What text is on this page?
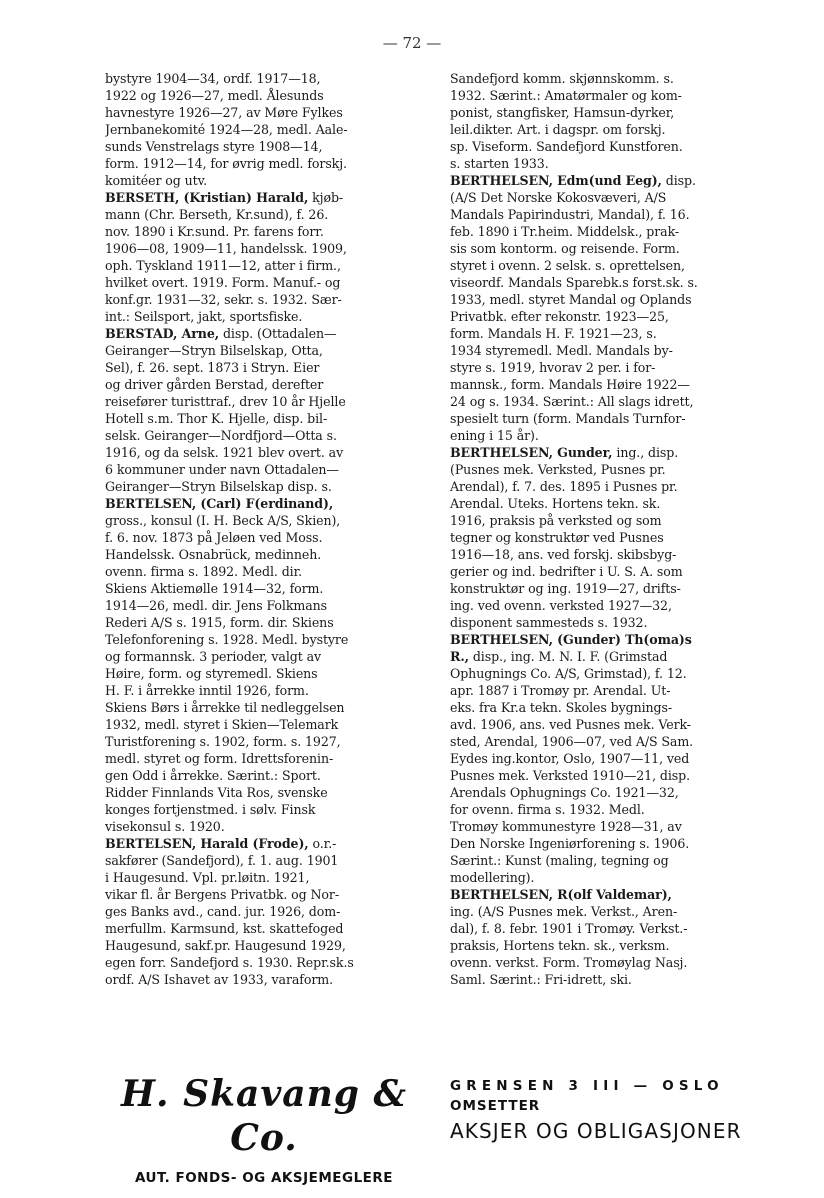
— 72 —
bystyre 1904—34, ordf. 1917—18,
1922 og 1926—27, medl. Ålesunds
havnestyre 1926—27, av Møre Fylkes
Jernbanekomité 1924—28, medl. Aale-
sunds Venstrelags styre 1908—14,
form. 1912—14, for øvrig medl. forskj.
komitéer og utv.
BERSETH, (Kristian) Harald, kjøb-
mann (Chr. Berseth, Kr.sund), f. 26.
nov. 1890 i Kr.sund. Pr. farens forr.
1906—08, 1909—11, handelssk. 1909,
oph. Tyskland 1911—12, atter i firm.,
hvilket overt. 1919. Form. Manuf.- og
konf.gr. 1931—32, sekr. s. 1932. Sær-
int.: Seilsport, jakt, sportsfiske.
BERSTAD, Arne, disp. (Ottadalen—
Geiranger—Stryn Bilselskap, Otta,
Sel), f. 26. sept. 1873 i Stryn. Eier
og driver gården Berstad, derefter
reisefører turisttraf., drev 10 år Hjelle
Hotell s.m. Thor K. Hjelle, disp. bil-
selsk. Geiranger—Nordfjord—Otta s.
1916, og da selsk. 1921 blev overt. av
6 kommuner under navn Ottadalen—
Geiranger—Stryn Bilselskap disp. s.
BERTELSEN, (Carl) F(erdinand),
gross., konsul (I. H. Beck A/S, Skien),
f. 6. nov. 1873 på Jeløen ved Moss.
Handelssk. Osnabrück, medinneh.
ovenn. firma s. 1892. Medl. dir.
Skiens Aktiemølle 1914—32, form.
1914—26, medl. dir. Jens Folkmans
Rederi A/S s. 1915, form. dir. Skiens
Telefonforening s. 1928. Medl. bystyre
og formannsk. 3 perioder, valgt av
Høire, form. og styremedl. Skiens
H. F. i årrekke inntil 1926, form.
Skiens Børs i årrekke til nedleggelsen
1932, medl. styret i Skien—Telemark
Turistforening s. 1902, form. s. 1927,
medl. styret og form. Idrettsforenin-
gen Odd i årrekke. Særint.: Sport.
Ridder Finnlands Vita Ros, svenske
konges fortjenstmed. i sølv. Finsk
visekonsul s. 1920.
BERTELSEN, Harald (Frode), o.r.-
sakfører (Sandefjord), f. 1. aug. 1901
i Haugesund. Vpl. pr.løitn. 1921,
vikar fl. år Bergens Privatbk. og Nor-
ges Banks avd., cand. jur. 1926, dom-
merfullm. Karmsund, kst. skattefoged
Haugesund, sakf.pr. Haugesund 1929,
egen forr. Sandefjord s. 1930. Repr.sk.s
ordf. A/S Ishavet av 1933, varaform.
Sandefjord komm. skjønnskomm. s.
1932. Særint.: Amatørmaler og kom-
ponist, stangfisker, Hamsun-dyrker,
leil.dikter. Art. i dagspr. om forskj.
sp. Viseform. Sandefjord Kunstforen.
s. starten 1933.
BERTHELSEN, Edm(und Eeg), disp.
(A/S Det Norske Kokosvæveri, A/S
Mandals Papirindustri, Mandal), f. 16.
feb. 1890 i Tr.heim. Middelsk., prak-
sis som kontorm. og reisende. Form.
styret i ovenn. 2 selsk. s. oprettelsen,
viseordf. Mandals Sparebk.s forst.sk. s.
1933, medl. styret Mandal og Oplands
Privatbk. efter rekonstr. 1923—25,
form. Mandals H. F. 1921—23, s.
1934 styremedl. Medl. Mandals by-
styre s. 1919, hvorav 2 per. i for-
mannsk., form. Mandals Høire 1922—
24 og s. 1934. Særint.: All slags idrett,
spesielt turn (form. Mandals Turnfor-
ening i 15 år).
BERTHELSEN, Gunder, ing., disp.
(Pusnes mek. Verksted, Pusnes pr.
Arendal), f. 7. des. 1895 i Pusnes pr.
Arendal. Uteks. Hortens tekn. sk.
1916, praksis på verksted og som
tegner og konstruktør ved Pusnes
1916—18, ans. ved forskj. skibsbyg-
gerier og ind. bedrifter i U. S. A. som
konstruktør og ing. 1919—27, drifts-
ing. ved ovenn. verksted 1927—32,
disponent sammesteds s. 1932.
BERTHELSEN, (Gunder) Th(oma)s
R., disp., ing. M. N. I. F. (Grimstad
Ophugnings Co. A/S, Grimstad), f. 12.
apr. 1887 i Tromøy pr. Arendal. Ut-
eks. fra Kr.a tekn. Skoles bygnings-
avd. 1906, ans. ved Pusnes mek. Verk-
sted, Arendal, 1906—07, ved A/S Sam.
Eydes ing.kontor, Oslo, 1907—11, ved
Pusnes mek. Verksted 1910—21, disp.
Arendals Ophugnings Co. 1921—32,
for ovenn. firma s. 1932. Medl.
Tromøy kommunestyre 1928—31, av
Den Norske Ingeniørforening s. 1906.
Særint.: Kunst (maling, tegning og
modellering).
BERTHELSEN, R(olf Valdemar),
ing. (A/S Pusnes mek. Verkst., Aren-
dal), f. 8. febr. 1901 i Tromøy. Verkst.-
praksis, Hortens tekn. sk., verksm.
ovenn. verkst. Form. Tromøylag Nasj.
Saml. Særint.: Fri-idrett, ski.
H. Skavang & Co.
AUT. FONDS- OG AKSJEMEGLERE
GRENSEN 3 III — OSLO
OMSETTER
AKSJER OG OBLIGASJONER
